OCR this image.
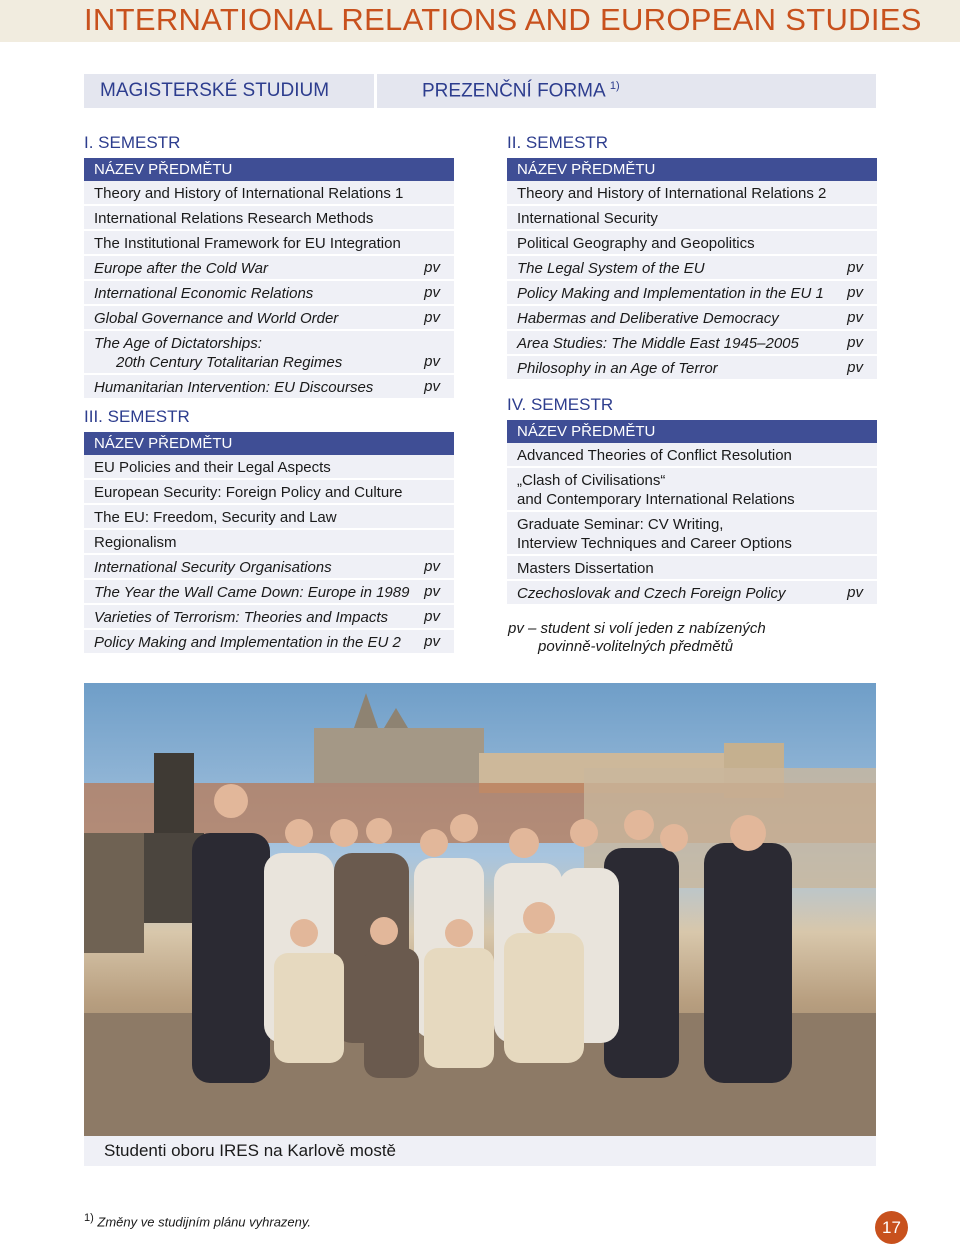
INTERNATIONAL RELATIONS AND EUROPEAN STUDIES
MAGISTERSKÉ STUDIUM	PREZENČNÍ FORMA $^{1)}$
I. SEMESTR
NÁZEV PŘEDMĚTU
Theory and History of International Relations 1
International Relations Research Methods
The Institutional Framework for EU Integration
Europe after the Cold War	pv
International Economic Relations	pv
Global Governance and World Order	pv
The Age of Dictatorships:
20th Century Totalitarian Regimes	pv
Humanitarian Intervention: EU Discourses	pv
III. SEMESTR
NÁZEV PŘEDMĚTU
EU Policies and their Legal Aspects
European Security: Foreign Policy and Culture
The EU: Freedom, Security and Law
Regionalism
International Security Organisations	pv
The Year the Wall Came Down: Europe in 1989 pv
Varieties of Terrorism: Theories and Impacts pv
Policy Making and Implementation in the EU 2 pv
II. SEMESTR
NÁZEV PŘEDMĚTU
Theory and History of International Relations 2
International Security
Political Geography and Geopolitics
The Legal System of the EU	pv
Policy Making and Implementation in the EU 1 pv
Habermas and Deliberative Democracy	pv
Area Studies: The Middle East 1945–2005	pv
Philosophy in an Age of Terror	pv
IV. SEMESTR
NÁZEV PŘEDMĚTU
Advanced Theories of Conflict Resolution
„Clash of Civilisations“
and Contemporary International Relations
Graduate Seminar: CV Writing,
Interview Techniques and Career Options
Masters Dissertation
Czechoslovak and Czech Foreign Policy	pv
pv – student si volí jeden z nabízených
povinně-volitelných předmětů
Studenti oboru IRES na Karlově mostě
$^{1)}$ Změny ve studijním plánu vyhrazeny.	17
